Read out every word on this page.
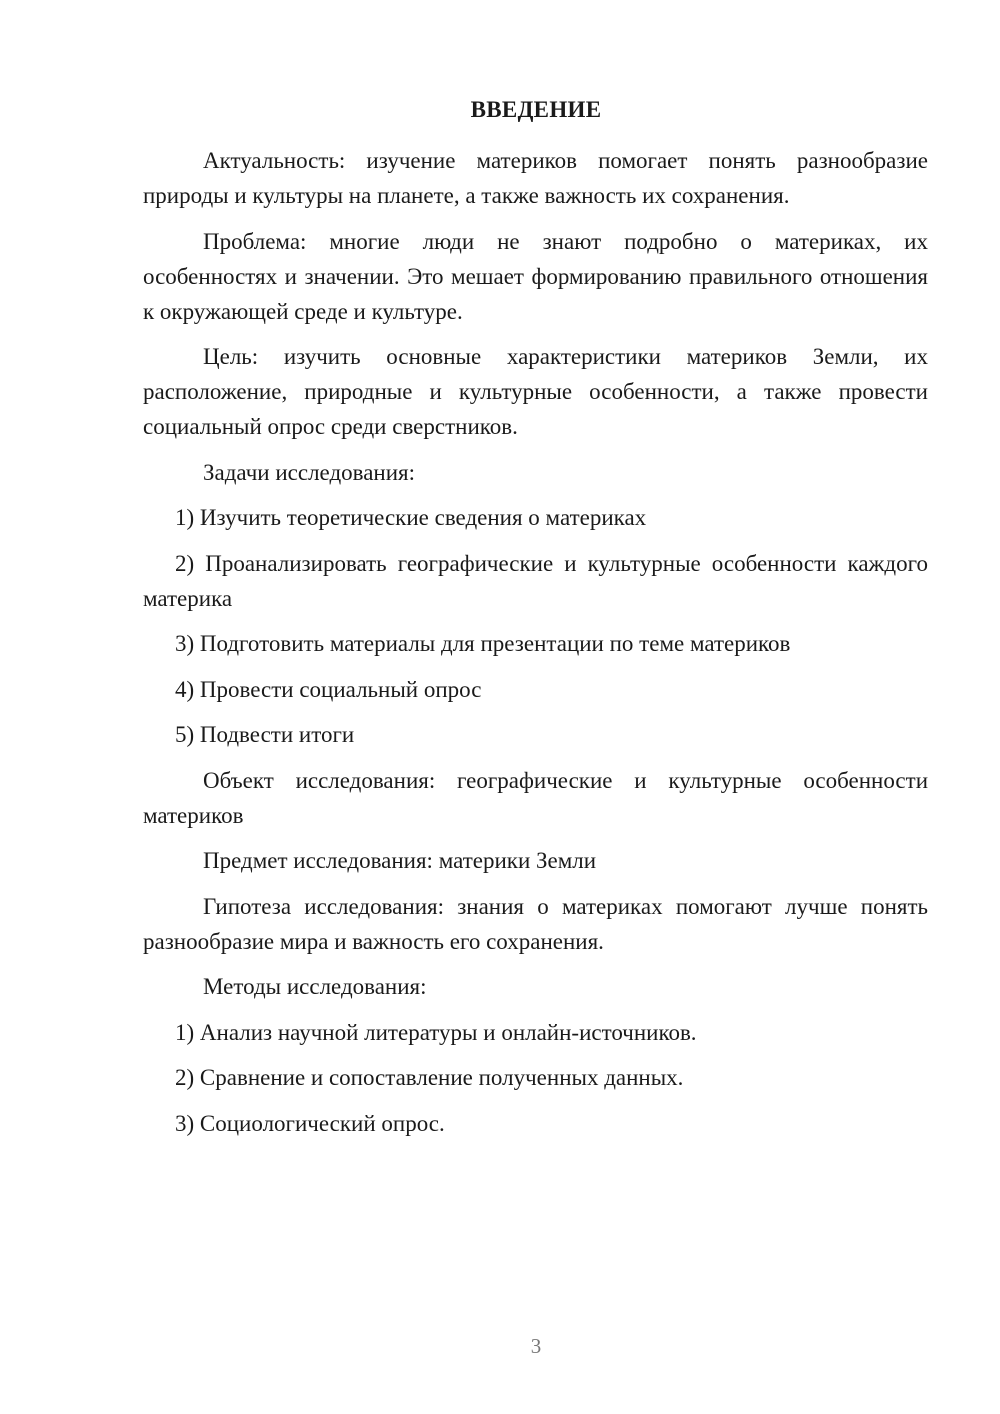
ВВЕДЕНИЕ

Актуальность: изучение материков помогает понять разнообразие природы и культуры на планете, а также важность их сохранения.

Проблема: многие люди не знают подробно о материках, их особенностях и значении. Это мешает формированию правильного отношения к окружающей среде и культуре.

Цель: изучить основные характеристики материков Земли, их расположение, природные и культурные особенности, а также провести социальный опрос среди сверстников.

Задачи исследования:

1) Изучить теоретические сведения о материках

2) Проанализировать географические и культурные особенности каждого материка

3) Подготовить материалы для презентации по теме материков

4) Провести социальный опрос

5) Подвести итоги

Объект исследования: географические и культурные особенности материков

Предмет исследования: материки Земли

Гипотеза исследования: знания о материках помогают лучше понять разнообразие мира и важность его сохранения.

Методы исследования:

1) Анализ научной литературы и онлайн-источников.

2) Сравнение и сопоставление полученных данных.

3) Социологический опрос.

3
